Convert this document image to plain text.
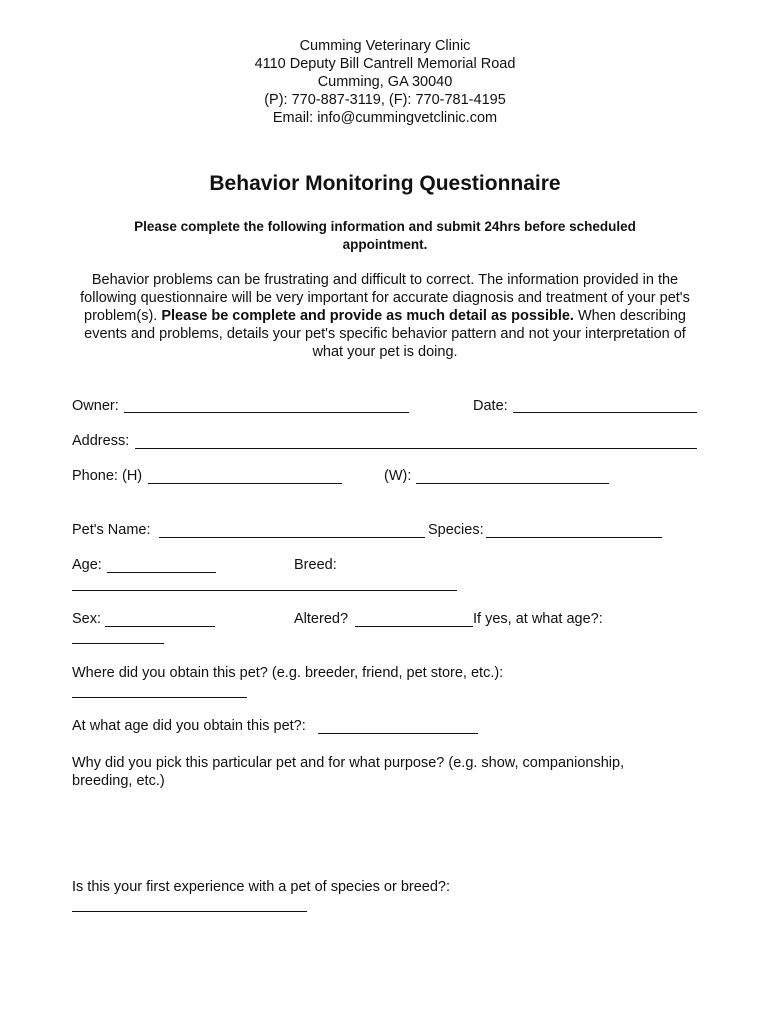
Cumming Veterinary Clinic
4110 Deputy Bill Cantrell Memorial Road
Cumming, GA 30040
(P): 770-887-3119, (F): 770-781-4195
Email: info@cummingvetclinic.com
Behavior Monitoring Questionnaire
Please complete the following information and submit 24hrs before scheduled appointment.
Behavior problems can be frustrating and difficult to correct. The information provided in the following questionnaire will be very important for accurate diagnosis and treatment of your pet's problem(s). Please be complete and provide as much detail as possible. When describing events and problems, details your pet's specific behavior pattern and not your interpretation of what your pet is doing.
Owner:	Date:
Address:
Phone: (H)	(W):
Pet's Name:	Species:
Age:	Breed:
Sex:	Altered?	If yes, at what age?:
Where did you obtain this pet? (e.g. breeder, friend, pet store, etc.):
At what age did you obtain this pet?:
Why did you pick this particular pet and for what purpose? (e.g. show, companionship, breeding, etc.)
Is this your first experience with a pet of species or breed?:
